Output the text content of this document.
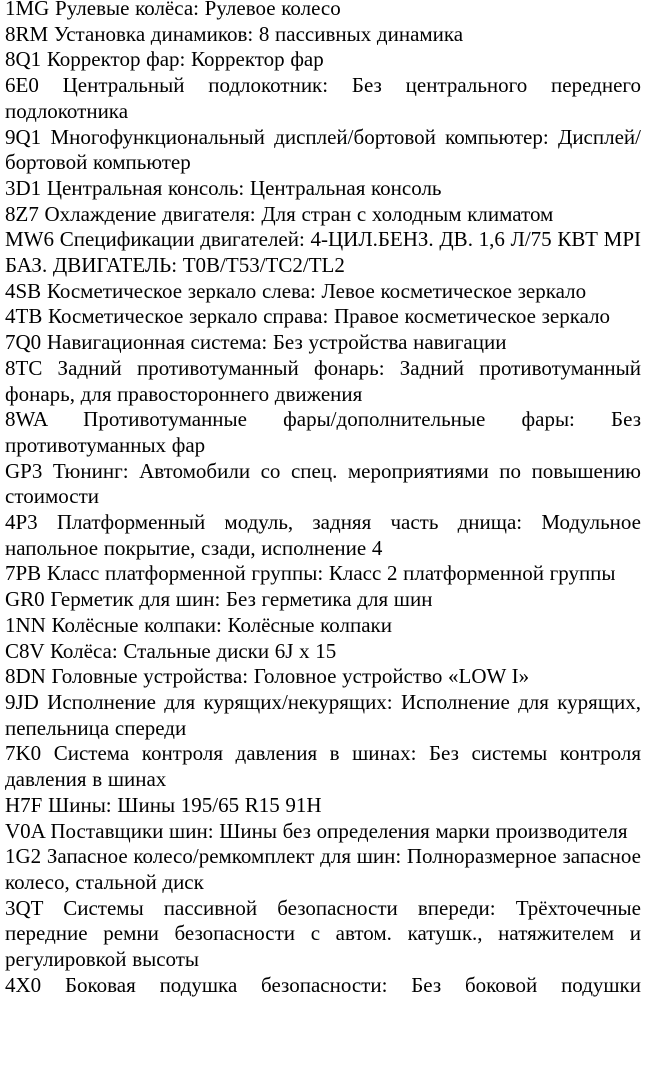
1MG Рулевые колёса: Рулевое колесо

8RM Установка динамиков: 8 пассивных динамика

8Q1 Корректор фар: Корректор фар

6E0 Центральный подлокотник: Без центрального переднего подлокотника

9Q1 Многофункциональный дисплей/бортовой компьютер: Дисплей/бортовой компьютер

3D1 Центральная консоль: Центральная консоль

8Z7 Охлаждение двигателя: Для стран с холодным климатом

MW6 Спецификации двигателей: 4-ЦИЛ.БЕНЗ. ДВ. 1,6 Л/75 КВТ MPI БАЗ. ДВИГАТЕЛЬ: T0B/T53/TC2/TL2

4SB Косметическое зеркало слева: Левое косметическое зеркало

4TB Косметическое зеркало справа: Правое косметическое зеркало

7Q0 Навигационная система: Без устройства навигации

8TC Задний противотуманный фонарь: Задний противотуманный фонарь, для правостороннего движения

8WA Противотуманные фары/дополнительные фары: Без противотуманных фар

GP3 Тюнинг: Автомобили со спец. мероприятиями по повышению стоимости

4P3 Платформенный модуль, задняя часть днища: Модульное напольное покрытие, сзади, исполнение 4

7PB Класс платформенной группы: Класс 2 платформенной группы

GR0 Герметик для шин: Без герметика для шин

1NN Колёсные колпаки: Колёсные колпаки

C8V Колёса: Стальные диски 6J x 15

8DN Головные устройства: Головное устройство «LOW I»

9JD Исполнение для курящих/некурящих: Исполнение для курящих, пепельница спереди

7K0 Система контроля давления в шинах: Без системы контроля давления в шинах

H7F Шины: Шины 195/65 R15 91H

V0A Поставщики шин: Шины без определения марки производителя

1G2 Запасное колесо/ремкомплект для шин: Полноразмерное запасное колесо, стальной диск

3QT Системы пассивной безопасности впереди: Трёхточечные передние ремни безопасности с автом. катушк., натяжителем и регулировкой высоты

4X0 Боковая подушка безопасности: Без боковой подушки
